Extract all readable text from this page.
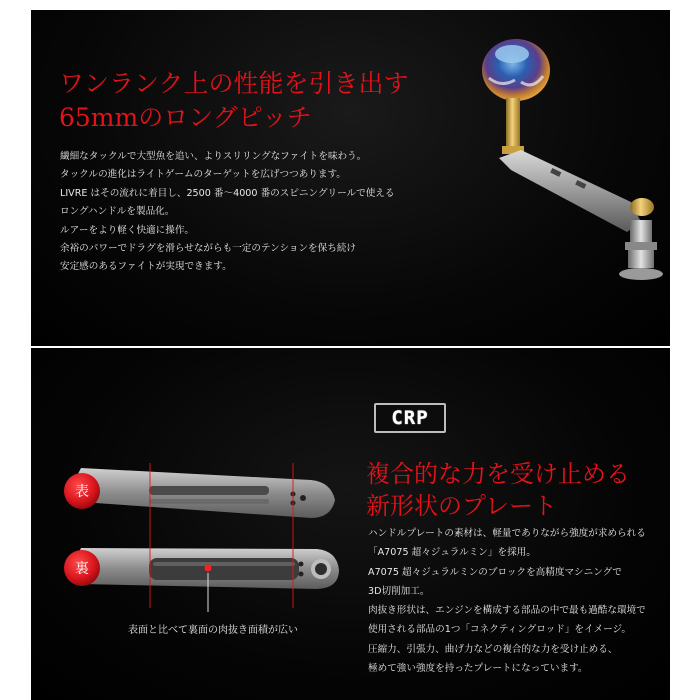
ワンランク上の性能を引き出す
65mmのロングピッチ
繊細なタックルで大型魚を追い、よりスリリングなファイトを味わう。
タックルの進化はライトゲームのターゲットを広げつつあります。
LIVRE はその流れに着目し、2500 番～4000 番のスピニングリールで使える
ロングハンドルを製品化。
ルアーをより軽く快適に操作。
余裕のパワーでドラグを滑らせながらも一定のテンションを保ち続け
安定感のあるファイトが実現できます。
CRP
複合的な力を受け止める
新形状のプレート
ハンドルプレートの素材は、軽量でありながら強度が求められる
「A7075 超々ジュラルミン」を採用。
A7075 超々ジュラルミンのブロックを高精度マシニングで
3D切削加工。
肉抜き形状は、エンジンを構成する部品の中で最も過酷な環境で
使用される部品の1つ「コネクティングロッド」をイメージ。
圧縮力、引張力、曲げ力などの複合的な力を受け止める、
極めて強い強度を持ったプレートになっています。
表
裏
表面と比べて裏面の肉抜き面積が広い
